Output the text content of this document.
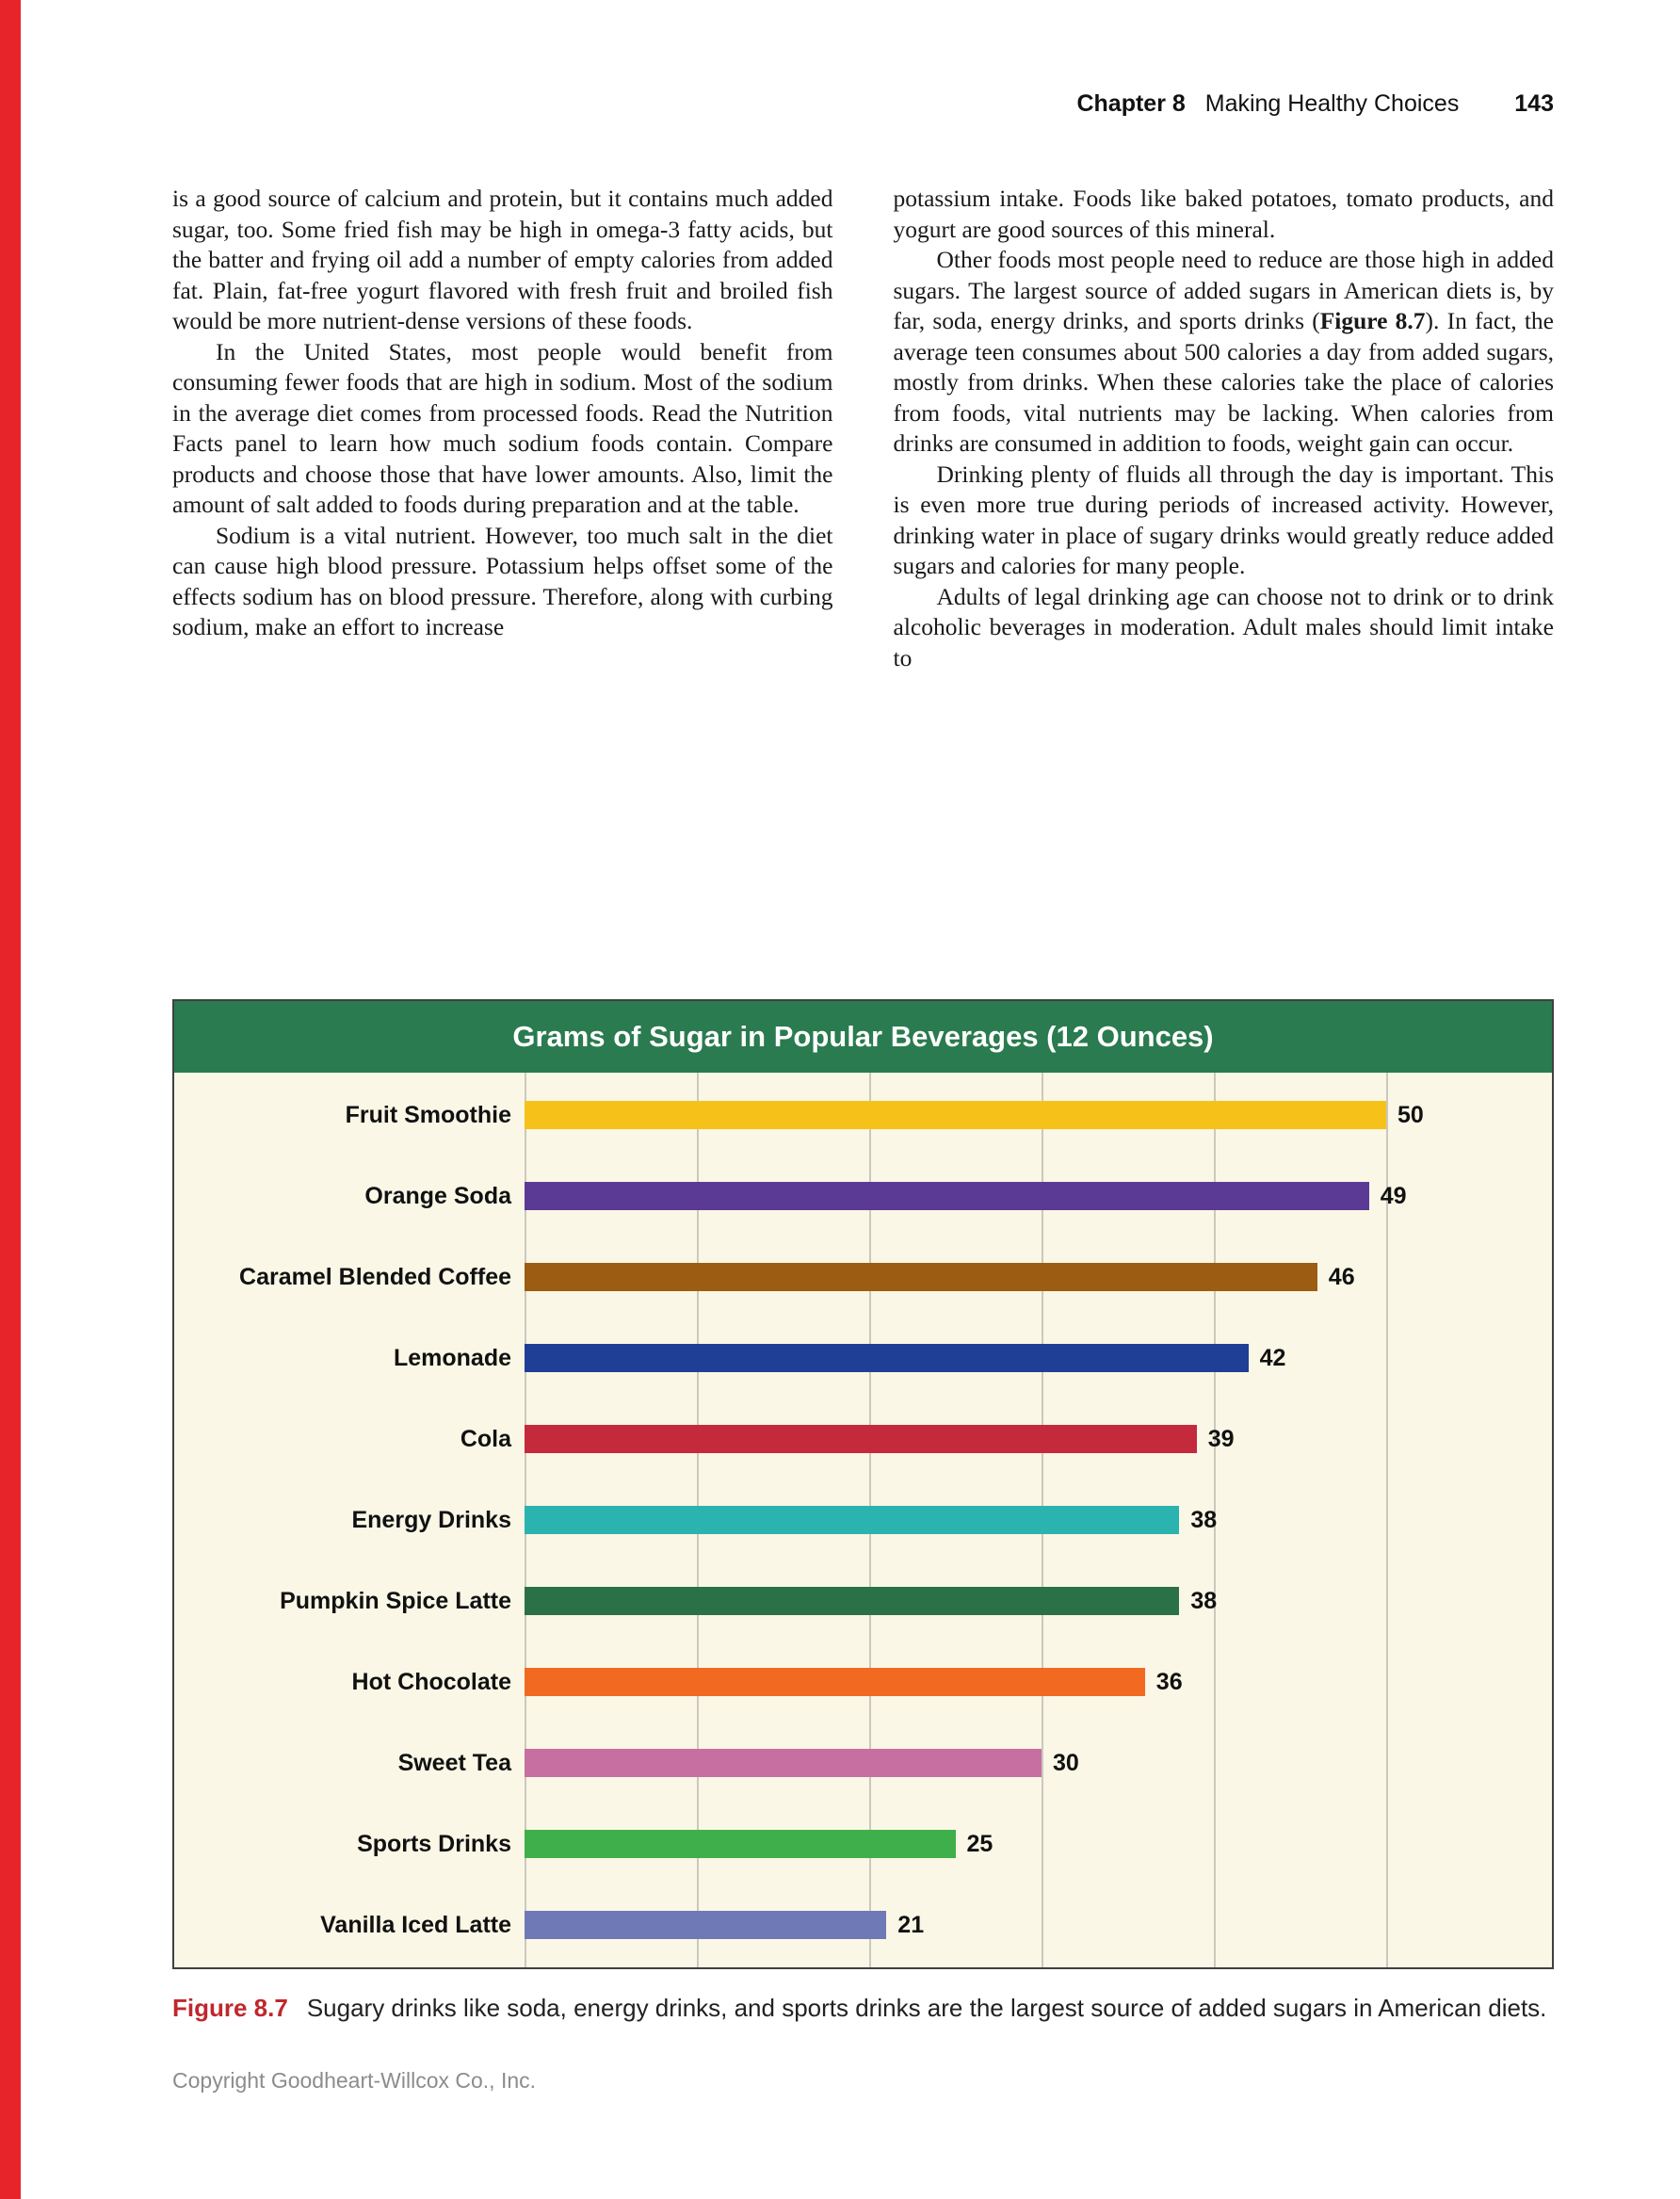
Chapter 8 Making Healthy Choices 143

is a good source of calcium and protein, but it contains much added sugar, too. Some fried fish may be high in omega-3 fatty acids, but the batter and frying oil add a number of empty calories from added fat. Plain, fat-free yogurt flavored with fresh fruit and broiled fish would be more nutrient-dense versions of these foods.

In the United States, most people would benefit from consuming fewer foods that are high in sodium. Most of the sodium in the average diet comes from processed foods. Read the Nutrition Facts panel to learn how much sodium foods contain. Compare products and choose those that have lower amounts. Also, limit the amount of salt added to foods during preparation and at the table.

Sodium is a vital nutrient. However, too much salt in the diet can cause high blood pressure. Potassium helps offset some of the effects sodium has on blood pressure. Therefore, along with curbing sodium, make an effort to increase

potassium intake. Foods like baked potatoes, tomato products, and yogurt are good sources of this mineral.

Other foods most people need to reduce are those high in added sugars. The largest source of added sugars in American diets is, by far, soda, energy drinks, and sports drinks (Figure 8.7). In fact, the average teen consumes about 500 calories a day from added sugars, mostly from drinks. When these calories take the place of calories from foods, vital nutrients may be lacking. When calories from drinks are consumed in addition to foods, weight gain can occur.

Drinking plenty of fluids all through the day is important. This is even more true during periods of increased activity. However, drinking water in place of sugary drinks would greatly reduce added sugars and calories for many people.

Adults of legal drinking age can choose not to drink or to drink alcoholic beverages in moderation. Adult males should limit intake to

Grams of Sugar in Popular Beverages (12 Ounces)
Fruit Smoothie	50
Orange Soda	49
Caramel Blended Coffee	46
Lemonade	42
Cola	39
Energy Drinks	38
Pumpkin Spice Latte	38
Hot Chocolate	36
Sweet Tea	30
Sports Drinks	25
Vanilla Iced Latte	21

Figure 8.7 Sugary drinks like soda, energy drinks, and sports drinks are the largest source of added sugars in American diets.

Copyright Goodheart-Willcox Co., Inc.
